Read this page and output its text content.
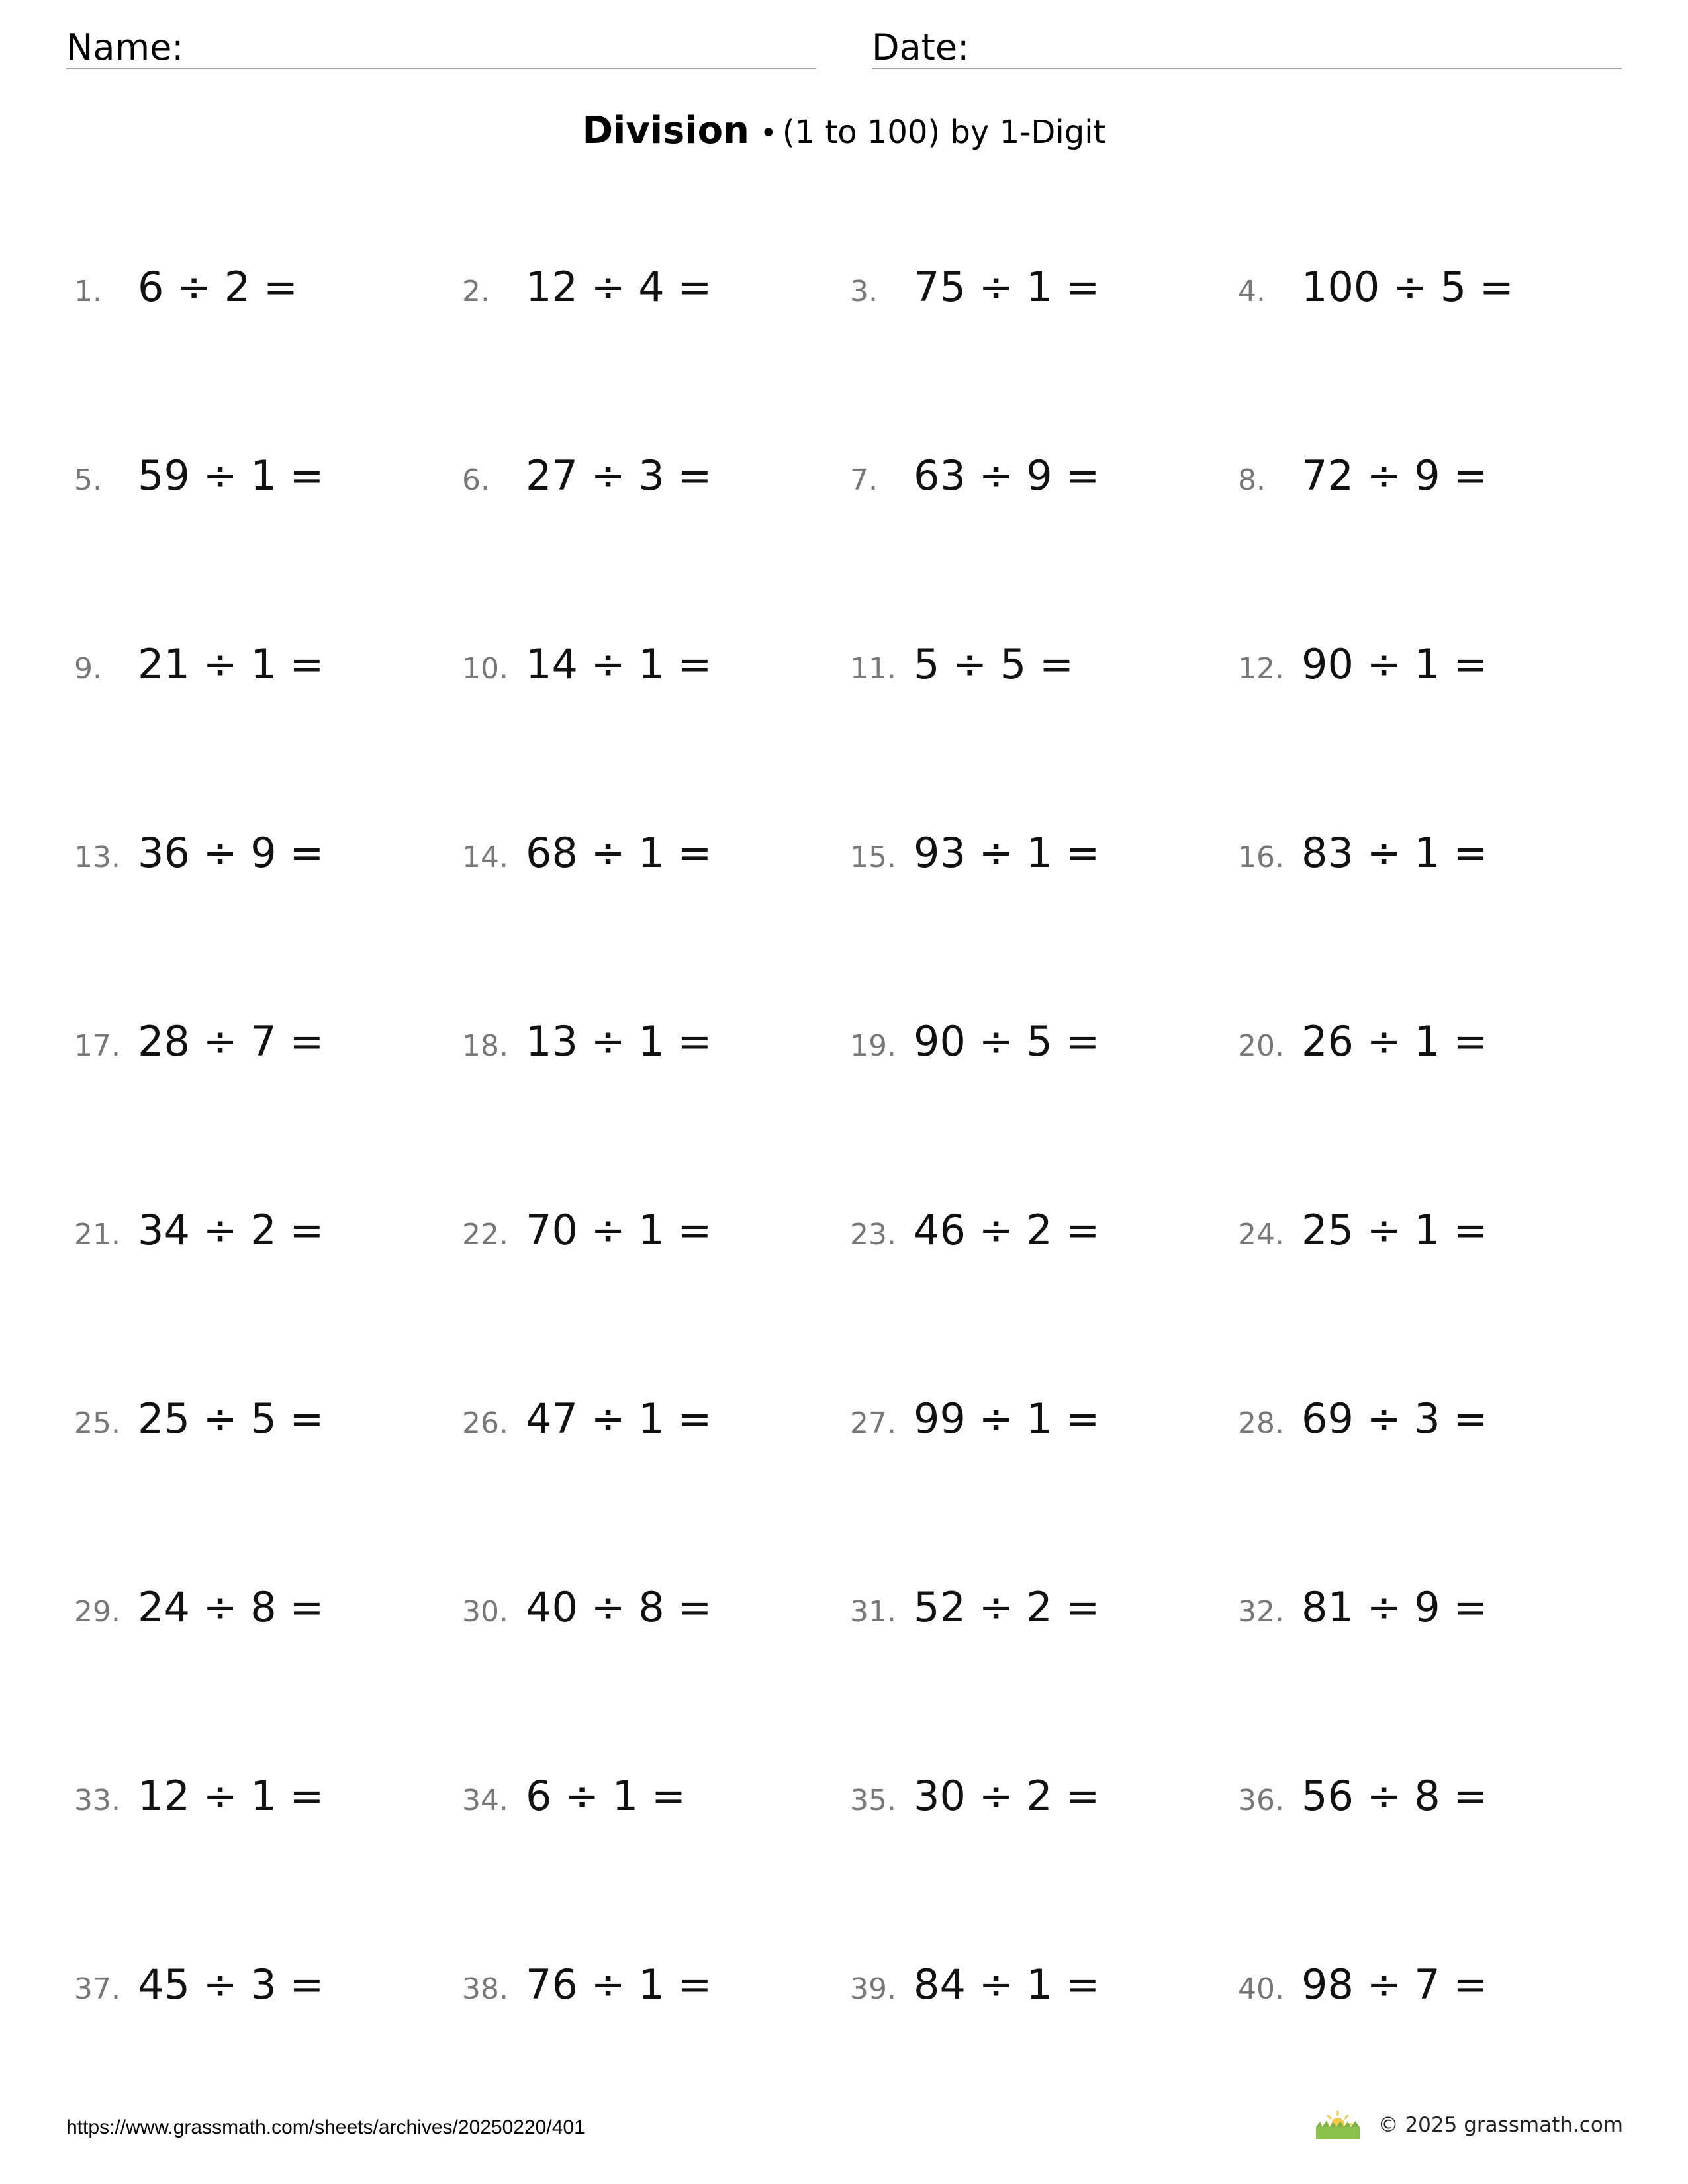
Name:	Date:
Division • (1 to 100) by 1-Digit
1. 6 ÷ 2 =	2. 12 ÷ 4 =	3. 75 ÷ 1 =	4. 100 ÷ 5 =
5. 59 ÷ 1 =	6. 27 ÷ 3 =	7. 63 ÷ 9 =	8. 72 ÷ 9 =
9. 21 ÷ 1 =	10. 14 ÷ 1 =	11. 5 ÷ 5 =	12. 90 ÷ 1 =
13. 36 ÷ 9 =	14. 68 ÷ 1 =	15. 93 ÷ 1 =	16. 83 ÷ 1 =
17. 28 ÷ 7 =	18. 13 ÷ 1 =	19. 90 ÷ 5 =	20. 26 ÷ 1 =
21. 34 ÷ 2 =	22. 70 ÷ 1 =	23. 46 ÷ 2 =	24. 25 ÷ 1 =
25. 25 ÷ 5 =	26. 47 ÷ 1 =	27. 99 ÷ 1 =	28. 69 ÷ 3 =
29. 24 ÷ 8 =	30. 40 ÷ 8 =	31. 52 ÷ 2 =	32. 81 ÷ 9 =
33. 12 ÷ 1 =	34. 6 ÷ 1 =	35. 30 ÷ 2 =	36. 56 ÷ 8 =
37. 45 ÷ 3 =	38. 76 ÷ 1 =	39. 84 ÷ 1 =	40. 98 ÷ 7 =
https://www.grassmath.com/sheets/archives/20250220/401	© 2025 grassmath.com
